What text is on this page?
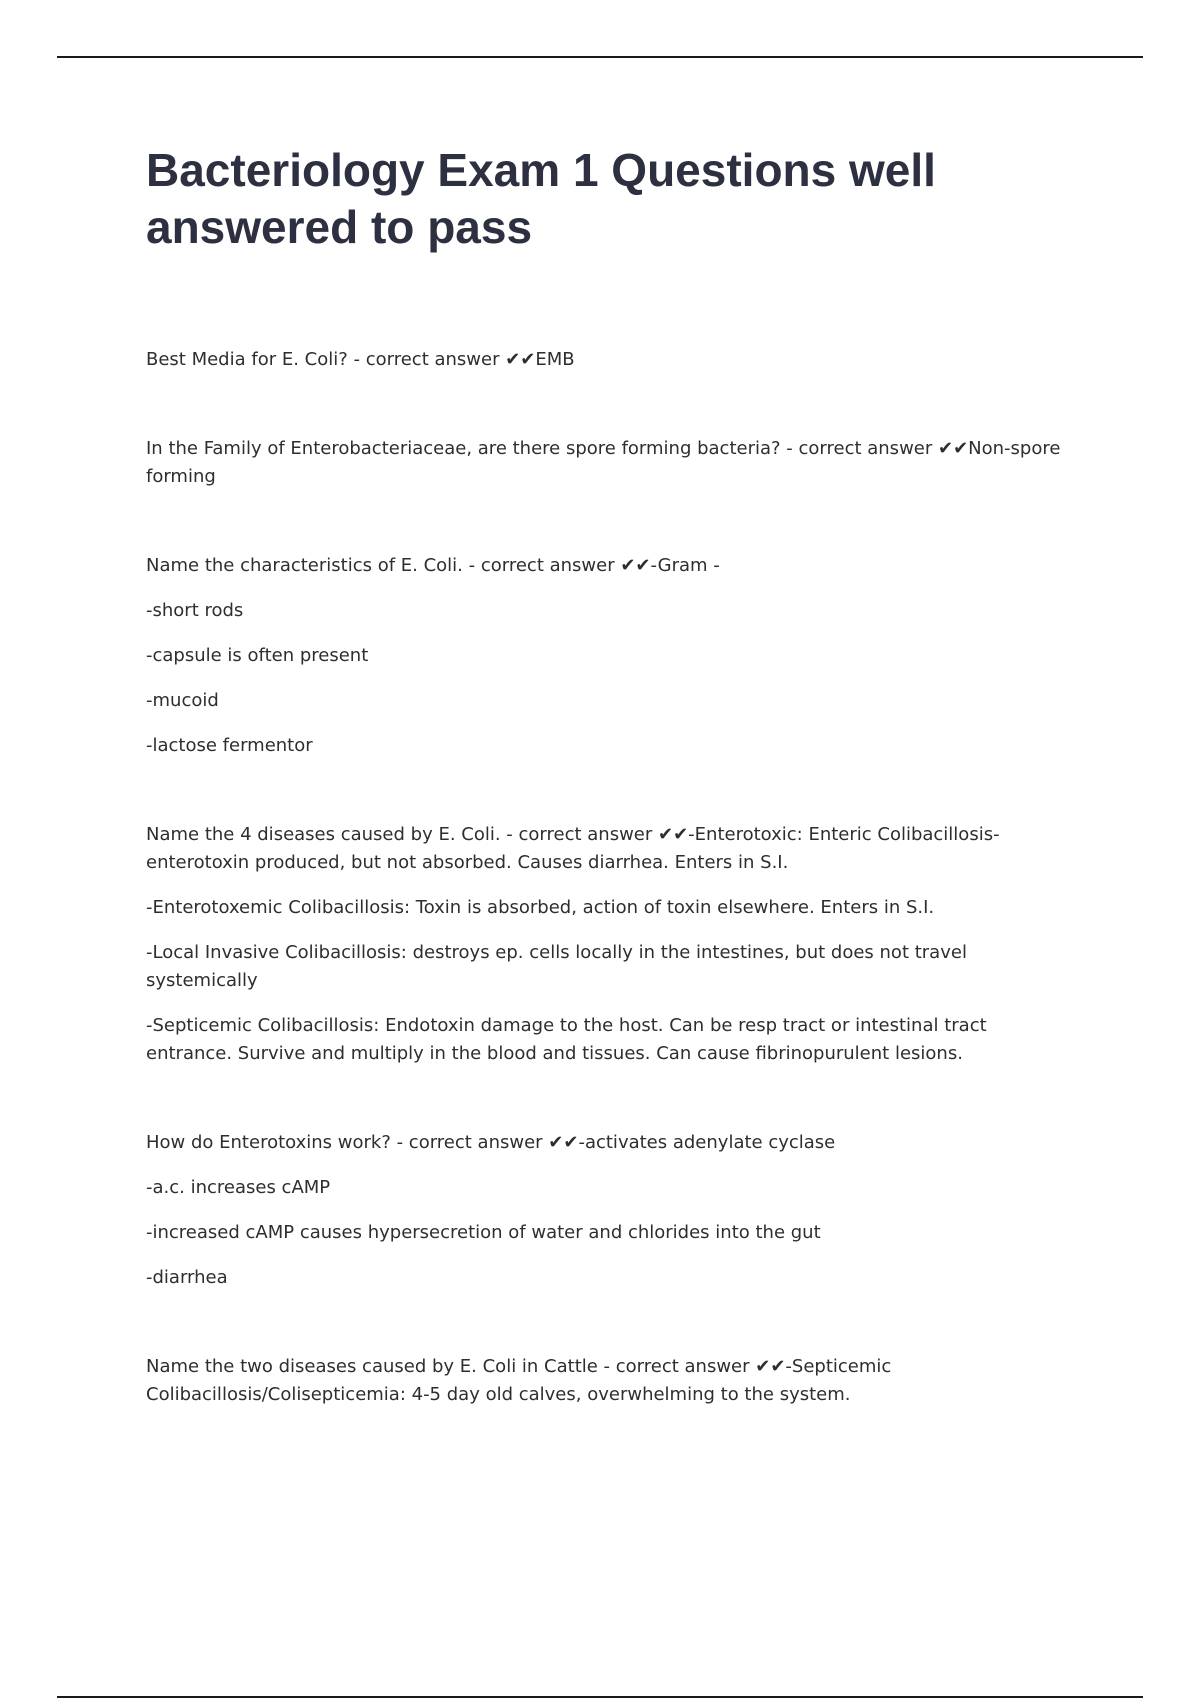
Bacteriology Exam 1 Questions well answered to pass

Best Media for E. Coli? - correct answer ✔✔EMB

In the Family of Enterobacteriaceae, are there spore forming bacteria? - correct answer ✔✔Non-spore forming

Name the characteristics of E. Coli. - correct answer ✔✔-Gram -

-short rods

-capsule is often present

-mucoid

-lactose fermentor

Name the 4 diseases caused by E. Coli. - correct answer ✔✔-Enterotoxic: Enteric Colibacillosis- enterotoxin produced, but not absorbed. Causes diarrhea. Enters in S.I.

-Enterotoxemic Colibacillosis: Toxin is absorbed, action of toxin elsewhere. Enters in S.I.

-Local Invasive Colibacillosis: destroys ep. cells locally in the intestines, but does not travel systemically

-Septicemic Colibacillosis: Endotoxin damage to the host. Can be resp tract or intestinal tract entrance. Survive and multiply in the blood and tissues. Can cause fibrinopurulent lesions.

How do Enterotoxins work? - correct answer ✔✔-activates adenylate cyclase

-a.c. increases cAMP

-increased cAMP causes hypersecretion of water and chlorides into the gut

-diarrhea

Name the two diseases caused by E. Coli in Cattle - correct answer ✔✔-Septicemic Colibacillosis/Colisepticemia: 4-5 day old calves, overwhelming to the system.
